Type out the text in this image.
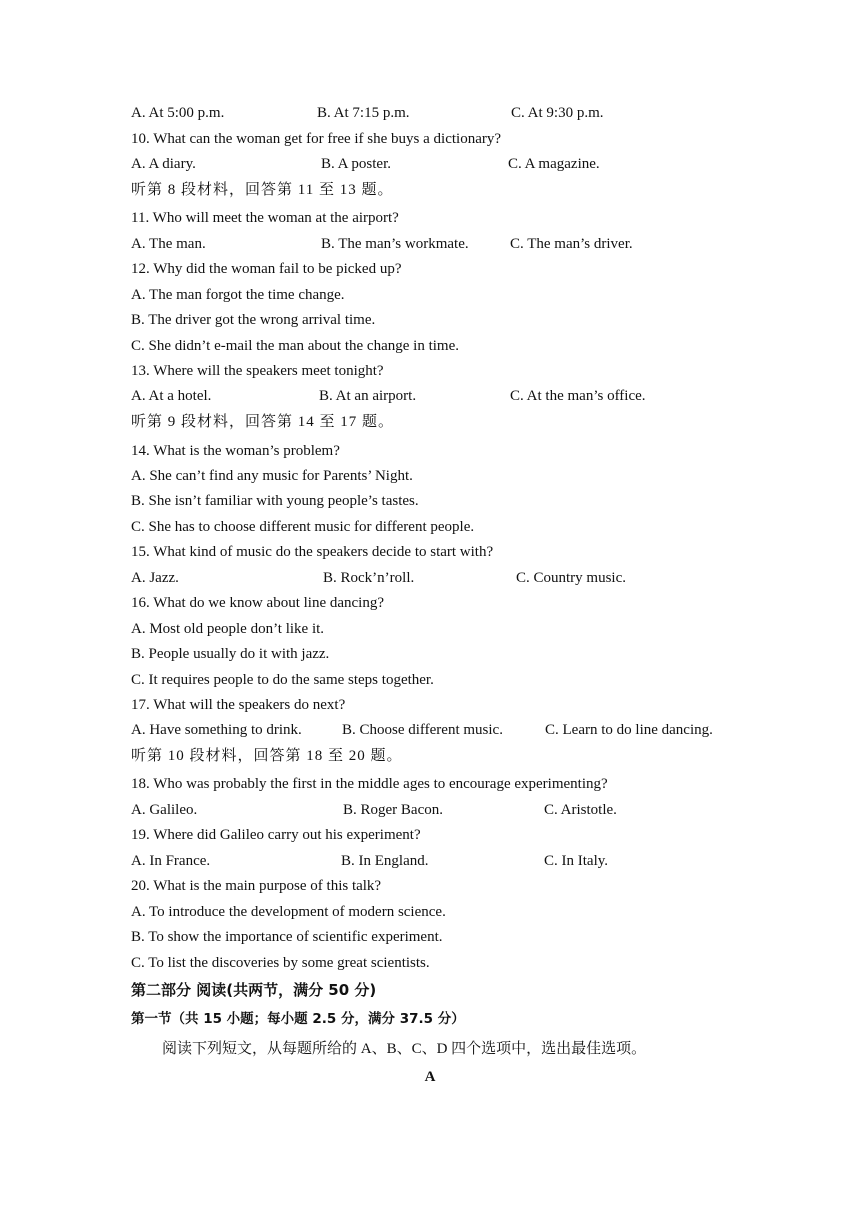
A. At 5:00 p.m.	B. At 7:15 p.m.	C. At 9:30 p.m.
10. What can the woman get for free if she buys a dictionary?
A. A diary.	B. A poster.	C. A magazine.
听第 8 段材料，回答第 11 至 13 题。
11. Who will meet the woman at the airport?
A. The man.	B. The man’s workmate.	C. The man’s driver.
12. Why did the woman fail to be picked up?
A. The man forgot the time change.
B. The driver got the wrong arrival time.
C. She didn’t e-mail the man about the change in time.
13. Where will the speakers meet tonight?
A. At a hotel.	B. At an airport.	C. At the man’s office.
听第 9 段材料，回答第 14 至 17 题。
14. What is the woman’s problem?
A. She can’t find any music for Parents’ Night.
B. She isn’t familiar with young people’s tastes.
C. She has to choose different music for different people.
15. What kind of music do the speakers decide to start with?
A. Jazz.	B. Rock’n’roll.	C. Country music.
16. What do we know about line dancing?
A. Most old people don’t like it.
B. People usually do it with jazz.
C. It requires people to do the same steps together.
17. What will the speakers do next?
A. Have something to drink.	B. Choose different music.	C. Learn to do line dancing.
听第 10 段材料，回答第 18 至 20 题。
18. Who was probably the first in the middle ages to encourage experimenting?
A. Galileo.	B. Roger Bacon.	C. Aristotle.
19. Where did Galileo carry out his experiment?
A. In France.	B. In England.	C. In Italy.
20. What is the main purpose of this talk?
A. To introduce the development of modern science.
B. To show the importance of scientific experiment.
C. To list the discoveries by some great scientists.
第二部分 阅读(共两节，满分 50 分)
第一节（共 15 小题；每小题 2.5 分，满分 37.5 分）
阅读下列短文，从每题所给的 A、B、C、D 四个选项中，选出最佳选项。
A
